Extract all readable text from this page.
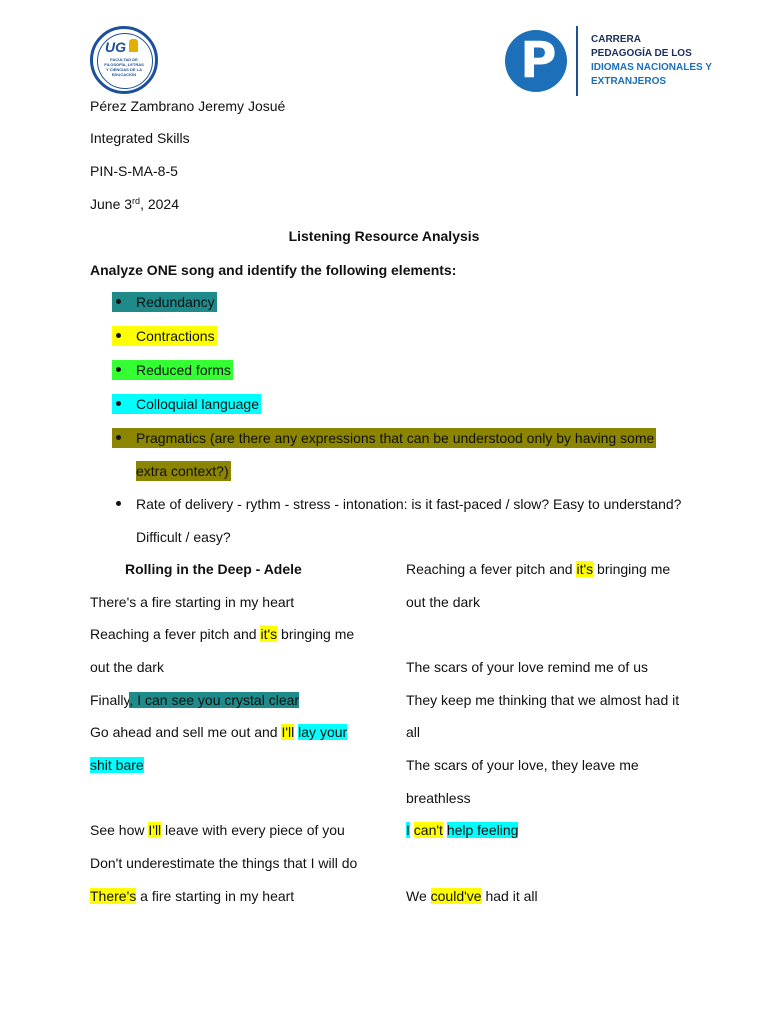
UG
FACULTAD DE
FILOSOFÍA, LETRAS
Y CIENCIAS DE LA
EDUCACIÓN	P	CARRERA
PEDAGOGÍA DE LOS
IDIOMAS NACIONALES Y
EXTRANJEROS
Pérez Zambrano Jeremy Josué
Integrated Skills
PIN-S-MA-8-5
June 3rd, 2024
Listening Resource Analysis
Analyze ONE song and identify the following elements:
Redundancy
Contractions
Reduced forms
Colloquial language
Pragmatics (are there any expressions that can be understood only by having some
extra context?)
Rate of delivery - rythm - stress - intonation: is it fast-paced / slow? Easy to understand?
Difficult / easy?
Rolling in the Deep - Adele
There's a fire starting in my heart
Reaching a fever pitch and it's bringing me
out the dark
Finally, I can see you crystal clear
Go ahead and sell me out and I'll lay your
shit bare
See how I'll leave with every piece of you
Don't underestimate the things that I will do
There's a fire starting in my heart
Reaching a fever pitch and it's bringing me
out the dark
The scars of your love remind me of us
They keep me thinking that we almost had it
all
The scars of your love, they leave me
breathless
I can't help feeling
We could've had it all
